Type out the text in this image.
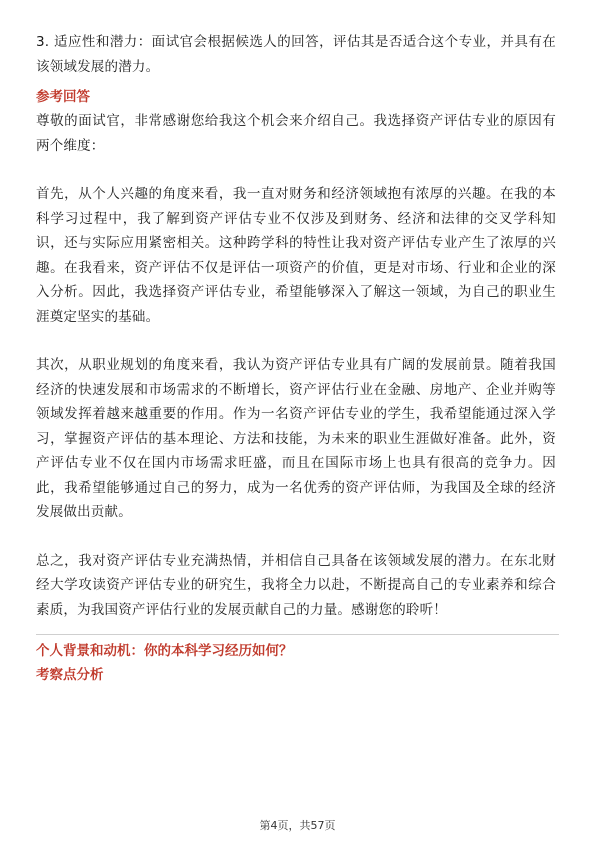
3. 适应性和潜力：面试官会根据候选人的回答，评估其是否适合这个专业，并具有在该领域发展的潜力。

参考回答

尊敬的面试官，非常感谢您给我这个机会来介绍自己。我选择资产评估专业的原因有两个维度：

首先，从个人兴趣的角度来看，我一直对财务和经济领域抱有浓厚的兴趣。在我的本科学习过程中，我了解到资产评估专业不仅涉及到财务、经济和法律的交叉学科知识，还与实际应用紧密相关。这种跨学科的特性让我对资产评估专业产生了浓厚的兴趣。在我看来，资产评估不仅是评估一项资产的价值，更是对市场、行业和企业的深入分析。因此，我选择资产评估专业，希望能够深入了解这一领域，为自己的职业生涯奠定坚实的基础。

其次，从职业规划的角度来看，我认为资产评估专业具有广阔的发展前景。随着我国经济的快速发展和市场需求的不断增长，资产评估行业在金融、房地产、企业并购等领域发挥着越来越重要的作用。作为一名资产评估专业的学生，我希望能通过深入学习，掌握资产评估的基本理论、方法和技能，为未来的职业生涯做好准备。此外，资产评估专业不仅在国内市场需求旺盛，而且在国际市场上也具有很高的竞争力。因此，我希望能够通过自己的努力，成为一名优秀的资产评估师，为我国及全球的经济发展做出贡献。

总之，我对资产评估专业充满热情，并相信自己具备在该领域发展的潜力。在东北财经大学攻读资产评估专业的研究生，我将全力以赴，不断提高自己的专业素养和综合素质，为我国资产评估行业的发展贡献自己的力量。感谢您的聆听！

个人背景和动机：你的本科学习经历如何？

考察点分析

第4页，共57页
